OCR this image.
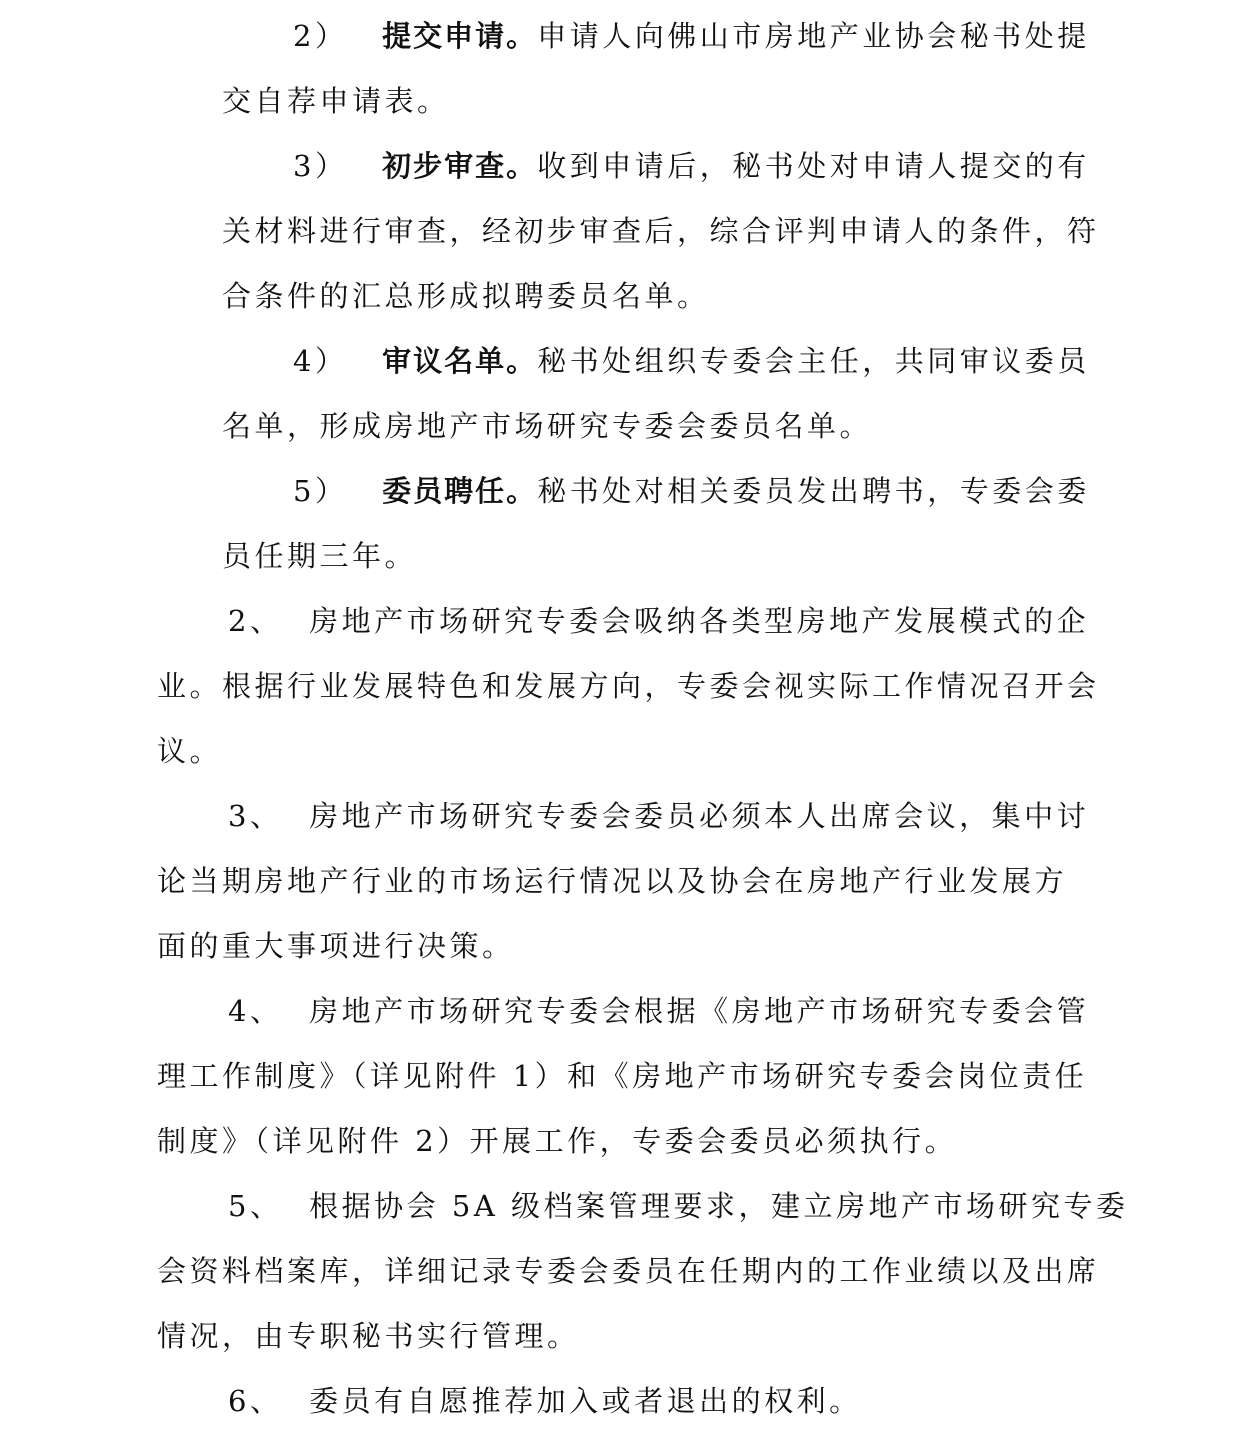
2） 提交申请。申请人向佛山市房地产业协会秘书处提
交自荐申请表。
3） 初步审查。收到申请后，秘书处对申请人提交的有
关材料进行审查，经初步审查后，综合评判申请人的条件，符
合条件的汇总形成拟聘委员名单。
4） 审议名单。秘书处组织专委会主任，共同审议委员
名单，形成房地产市场研究专委会委员名单。
5） 委员聘任。秘书处对相关委员发出聘书，专委会委
员任期三年。
2、 房地产市场研究专委会吸纳各类型房地产发展模式的企
业。根据行业发展特色和发展方向，专委会视实际工作情况召开会
议。
3、 房地产市场研究专委会委员必须本人出席会议，集中讨
论当期房地产行业的市场运行情况以及协会在房地产行业发展方
面的重大事项进行决策。
4、 房地产市场研究专委会根据《房地产市场研究专委会管
理工作制度》（详见附件 1）和《房地产市场研究专委会岗位责任
制度》（详见附件 2）开展工作，专委会委员必须执行。
5、 根据协会 5A 级档案管理要求，建立房地产市场研究专委
会资料档案库，详细记录专委会委员在任期内的工作业绩以及出席
情况，由专职秘书实行管理。
6、 委员有自愿推荐加入或者退出的权利。
